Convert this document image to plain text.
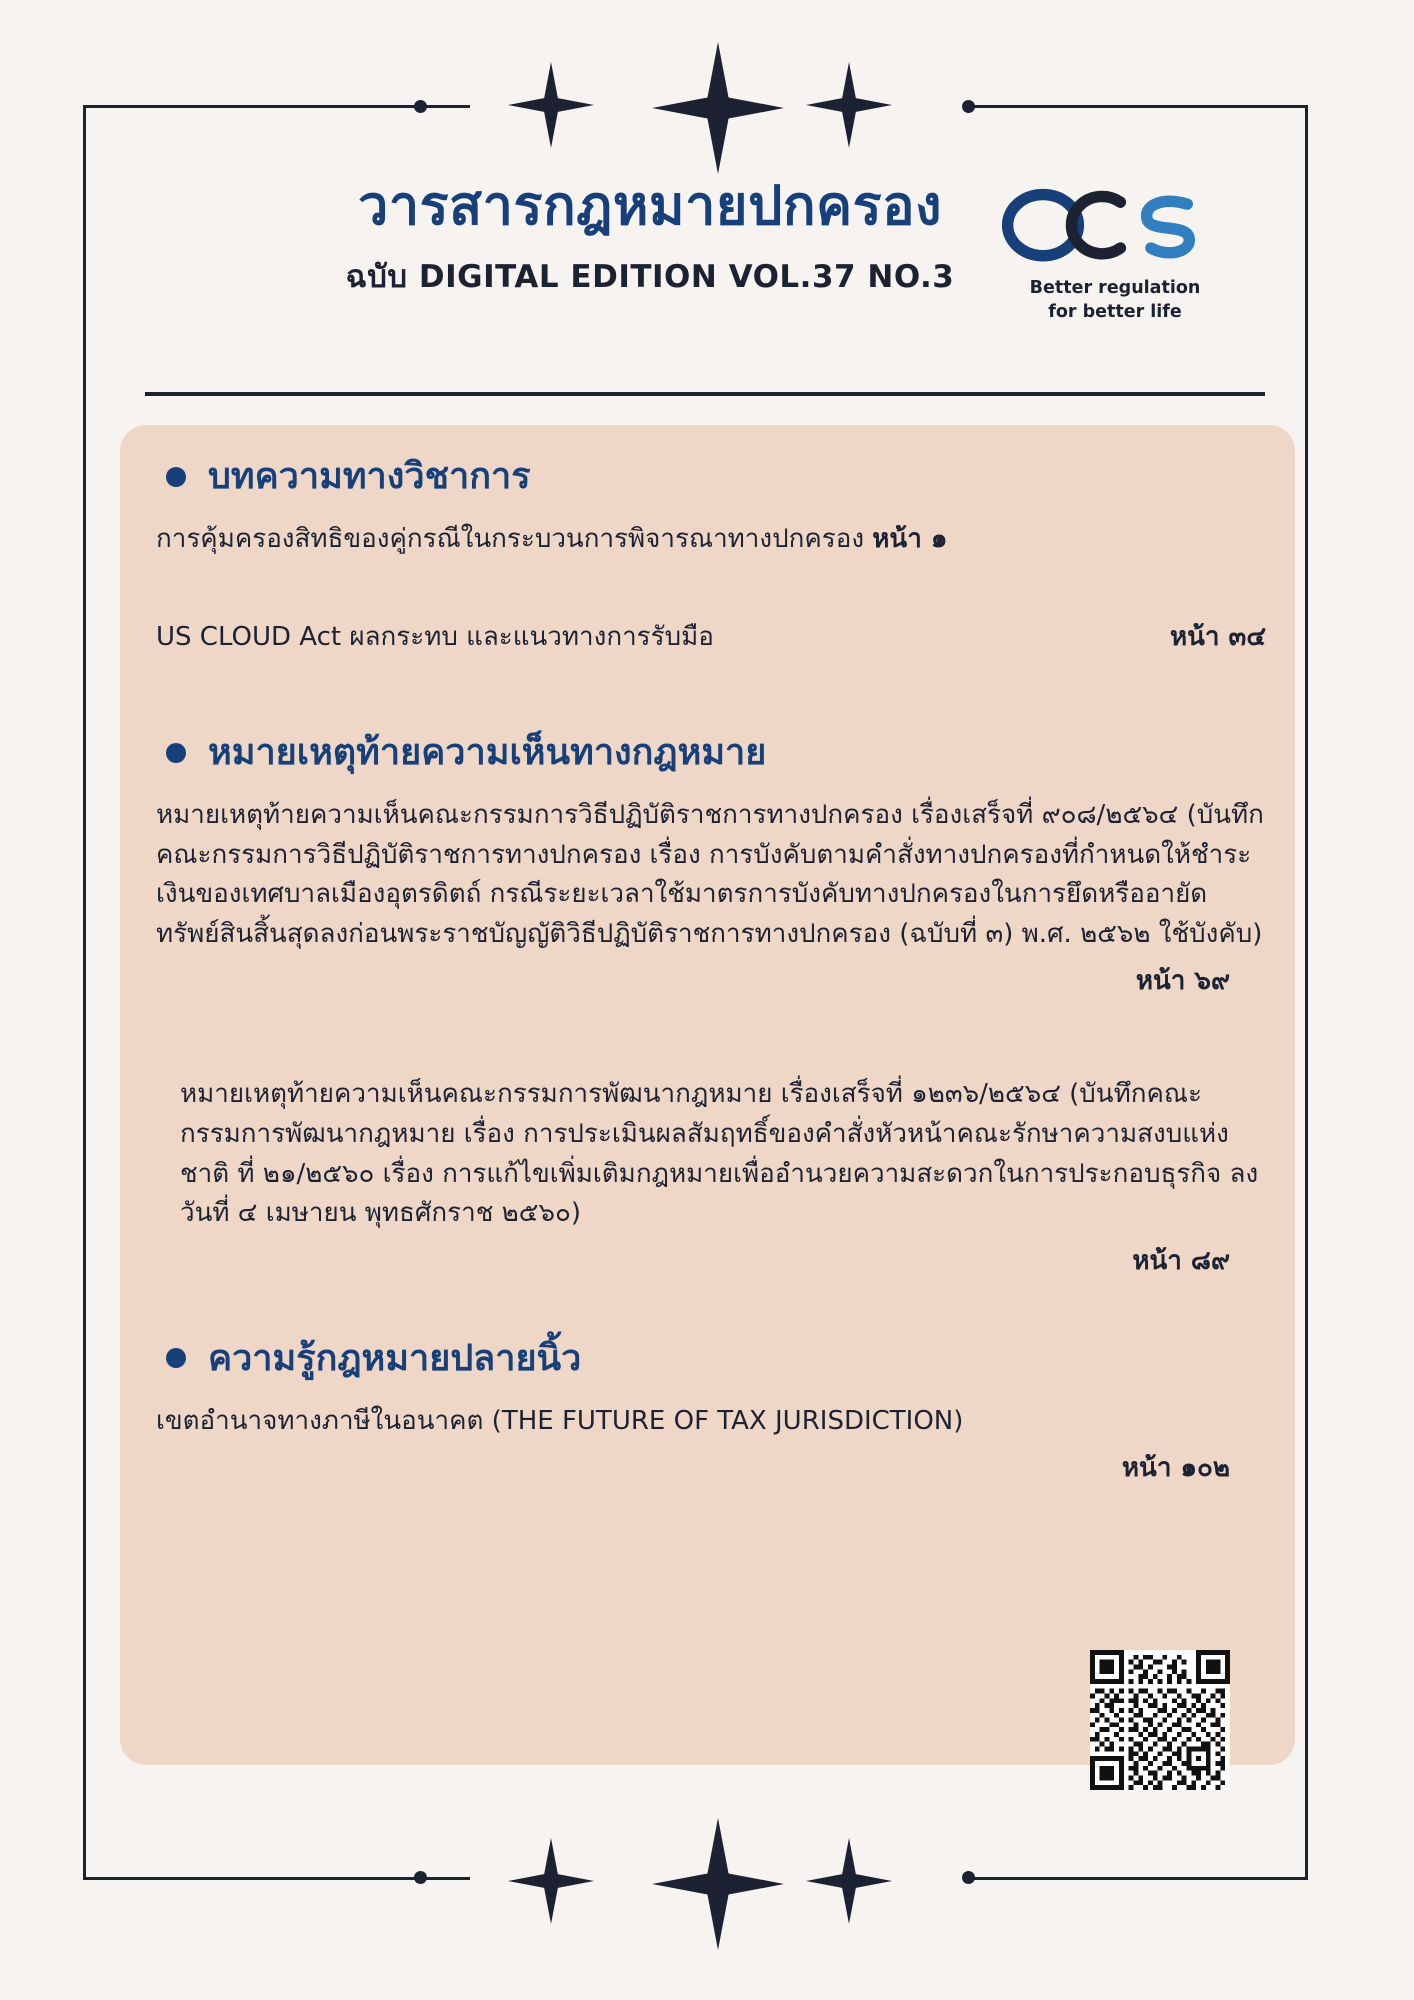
วารสารกฎหมายปกครอง
ฉบับ DIGITAL EDITION VOL.37 NO.3	Better regulation
for better life
บทความทางวิชาการ
การคุ้มครองสิทธิของคู่กรณีในกระบวนการพิจารณาทางปกครอง หน้า ๑
US CLOUD Act ผลกระทบ และแนวทางการรับมือ	หน้า ๓๔
หมายเหตุท้ายความเห็นทางกฎหมาย
หมายเหตุท้ายความเห็นคณะกรรมการวิธีปฏิบัติราชการทางปกครอง เรื่องเสร็จที่ ๙๐๘/๒๕๖๔ (บันทึกคณะกรรมการวิธีปฏิบัติราชการทางปกครอง เรื่อง การบังคับตามคำสั่งทางปกครองที่กำหนดให้ชำระเงินของเทศบาลเมืองอุตรดิตถ์ กรณีระยะเวลาใช้มาตรการบังคับทางปกครองในการยึดหรืออายัดทรัพย์สินสิ้นสุดลงก่อนพระราชบัญญัติวิธีปฏิบัติราชการทางปกครอง (ฉบับที่ ๓) พ.ศ. ๒๕๖๒ ใช้บังคับ)
หน้า ๖๙
หมายเหตุท้ายความเห็นคณะกรรมการพัฒนากฎหมาย เรื่องเสร็จที่ ๑๒๓๖/๒๕๖๔ (บันทึกคณะกรรมการพัฒนากฎหมาย เรื่อง การประเมินผลสัมฤทธิ์ของคำสั่งหัวหน้าคณะรักษาความสงบแห่งชาติ ที่ ๒๑/๒๕๖๐ เรื่อง การแก้ไขเพิ่มเติมกฎหมายเพื่ออำนวยความสะดวกในการประกอบธุรกิจ ลงวันที่ ๔ เมษายน พุทธศักราช ๒๕๖๐)
หน้า ๘๙
ความรู้กฎหมายปลายนิ้ว
เขตอำนาจทางภาษีในอนาคต (THE FUTURE OF TAX JURISDICTION)
หน้า ๑๐๒
